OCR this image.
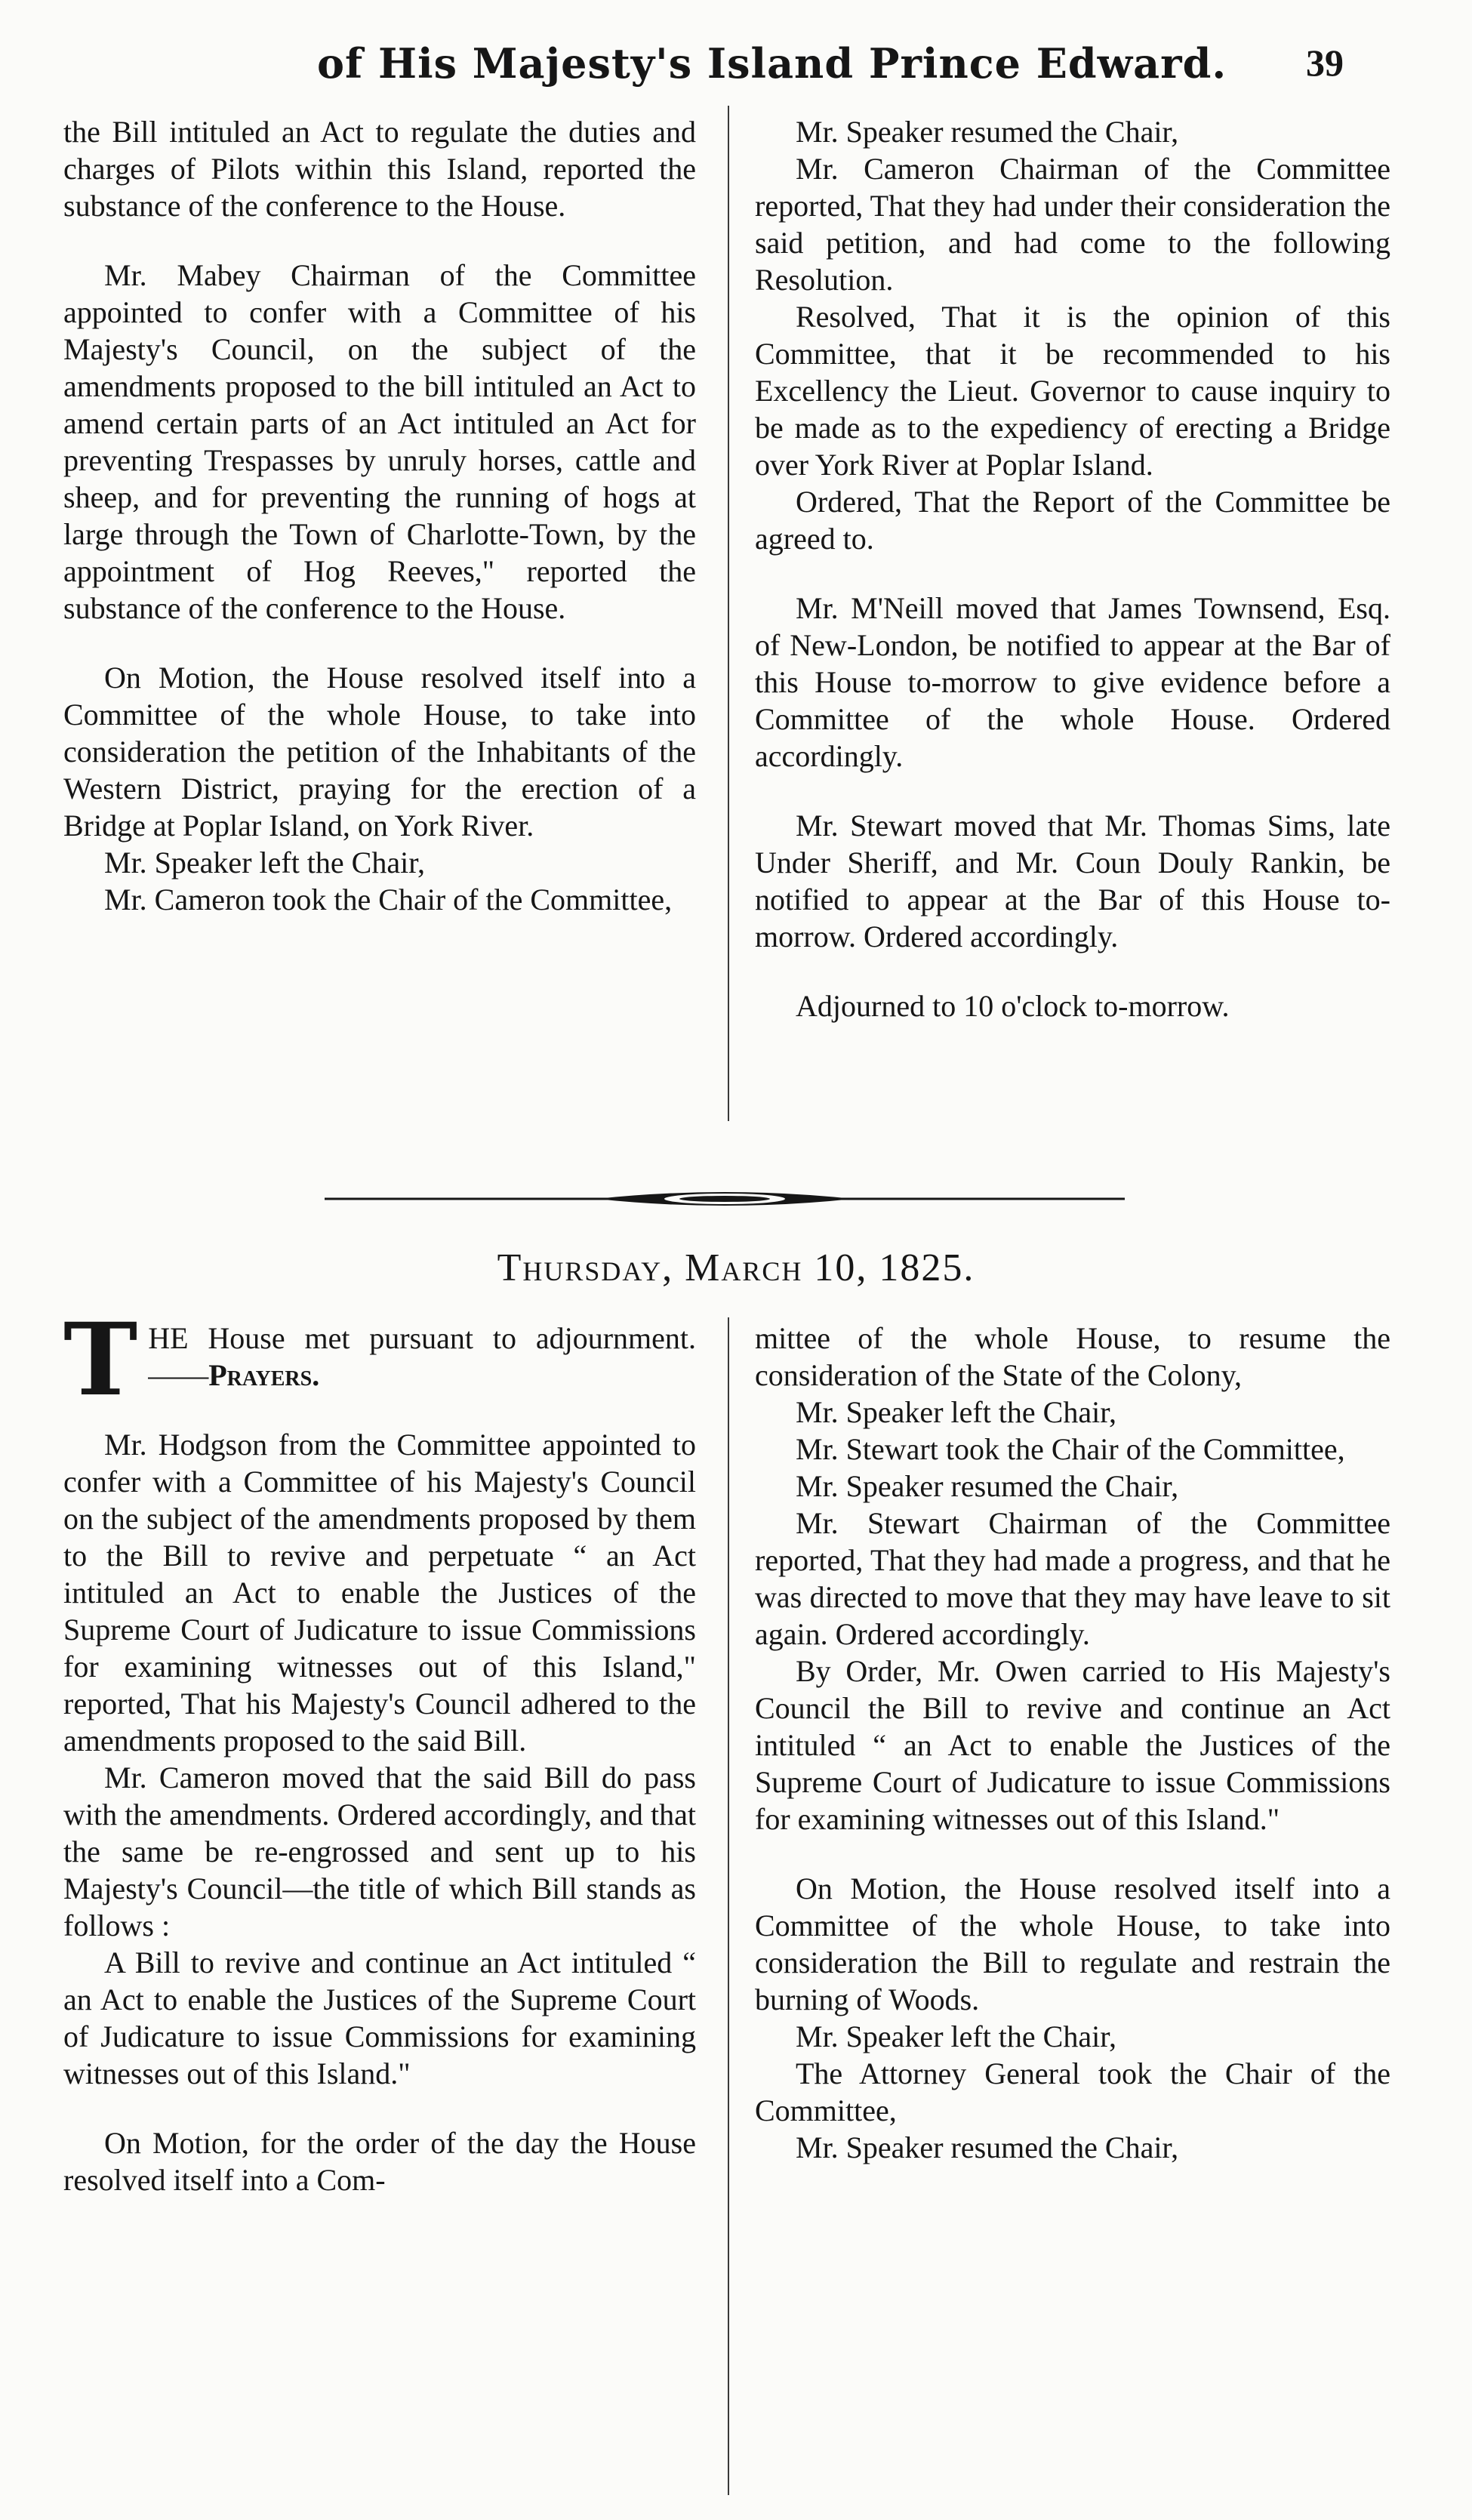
of His Majesty's Island Prince Edward. 39

the Bill intituled an Act to regulate the duties and charges of Pilots within this Island, reported the substance of the conference to the House.

Mr. Mabey Chairman of the Committee appointed to confer with a Committee of his Majesty's Council, on the subject of the amendments proposed to the bill intituled an Act to amend certain parts of an Act intituled an Act for preventing Trespasses by unruly horses, cattle and sheep, and for preventing the running of hogs at large through the Town of Charlotte-Town, by the appointment of Hog Reeves," reported the substance of the conference to the House.

On Motion, the House resolved itself into a Committee of the whole House, to take into consideration the petition of the Inhabitants of the Western District, praying for the erection of a Bridge at Poplar Island, on York River.

Mr. Speaker left the Chair,

Mr. Cameron took the Chair of the Committee,

Mr. Speaker resumed the Chair,

Mr. Cameron Chairman of the Committee reported, That they had under their consideration the said petition, and had come to the following Resolution.

Resolved, That it is the opinion of this Committee, that it be recommended to his Excellency the Lieut. Governor to cause inquiry to be made as to the expediency of erecting a Bridge over York River at Poplar Island.

Ordered, That the Report of the Committee be agreed to.

Mr. M'Neill moved that James Townsend, Esq. of New-London, be notified to appear at the Bar of this House to-morrow to give evidence before a Committee of the whole House. Ordered accordingly.

Mr. Stewart moved that Mr. Thomas Sims, late Under Sheriff, and Mr. Coun Douly Rankin, be notified to appear at the Bar of this House to-morrow. Ordered accordingly.

Adjourned to 10 o'clock to-morrow.

Thursday, March 10, 1825.

T HE House met pursuant to adjournment.——Prayers.

Mr. Hodgson from the Committee appointed to confer with a Committee of his Majesty's Council on the subject of the amendments proposed by them to the Bill to revive and perpetuate “ an Act intituled an Act to enable the Justices of the Supreme Court of Judicature to issue Commissions for examining witnesses out of this Island," reported, That his Majesty's Council adhered to the amendments proposed to the said Bill.

Mr. Cameron moved that the said Bill do pass with the amendments. Ordered accordingly, and that the same be re-engrossed and sent up to his Majesty's Council—the title of which Bill stands as follows :

A Bill to revive and continue an Act intituled “ an Act to enable the Justices of the Supreme Court of Judicature to issue Commissions for examining witnesses out of this Island."

On Motion, for the order of the day the House resolved itself into a Com-

mittee of the whole House, to resume the consideration of the State of the Colony,

Mr. Speaker left the Chair,

Mr. Stewart took the Chair of the Committee,

Mr. Speaker resumed the Chair,

Mr. Stewart Chairman of the Committee reported, That they had made a progress, and that he was directed to move that they may have leave to sit again. Ordered accordingly.

By Order, Mr. Owen carried to His Majesty's Council the Bill to revive and continue an Act intituled “ an Act to enable the Justices of the Supreme Court of Judicature to issue Commissions for examining witnesses out of this Island."

On Motion, the House resolved itself into a Committee of the whole House, to take into consideration the Bill to regulate and restrain the burning of Woods.

Mr. Speaker left the Chair,

The Attorney General took the Chair of the Committee,

Mr. Speaker resumed the Chair,
